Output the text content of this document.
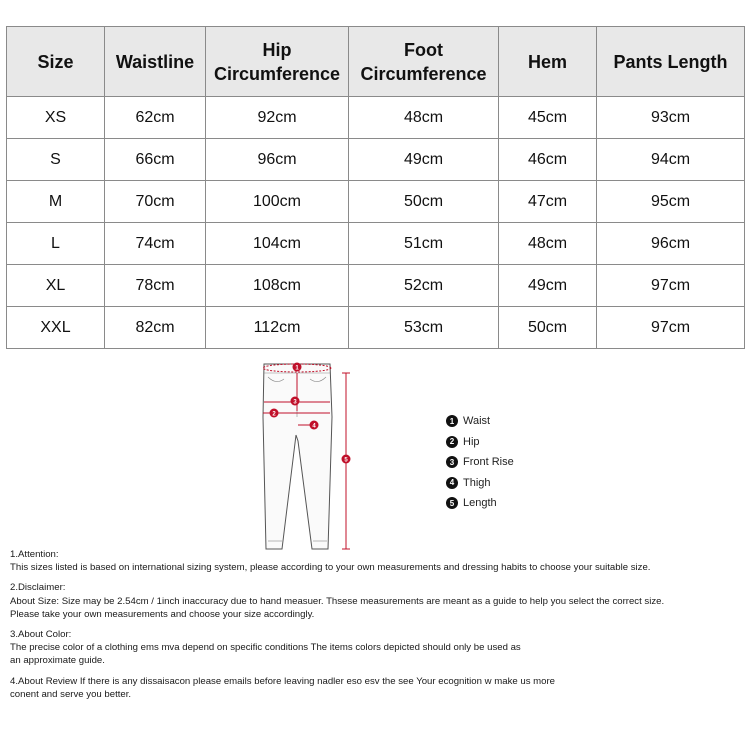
Size	Waistline	Hip Circumference	Foot Circumference	Hem	Pants Length
XS	62cm	92cm	48cm	45cm	93cm
S	66cm	96cm	49cm	46cm	94cm
M	70cm	100cm	50cm	47cm	95cm
L	74cm	104cm	51cm	48cm	96cm
XL	78cm	108cm	52cm	49cm	97cm
XXL	82cm	112cm	53cm	50cm	97cm
1
2
3
4
5
1 Waist
2 Hip
3 Front Rise
4 Thigh
5 Length

1.Attention:

This sizes listed is based on international sizing system, please according to your own measurements and dressing habits to choose your suitable size.

2.Disclaimer:

About Size: Size may be 2.54cm / 1inch inaccuracy due to hand measuer. Thsese measurements are meant as a guide to help you select the correct size.

Please take your own measurements and choose your size accordingly.

3.About Color:

The precise color of a clothing ems mva depend on specific conditions The items colors depicted should only be used as

an approximate guide.

4.About Review If there is any dissaisacon please emails before leaving nadler eso esv the see Your ecognition w make us more

conent and serve you better.
